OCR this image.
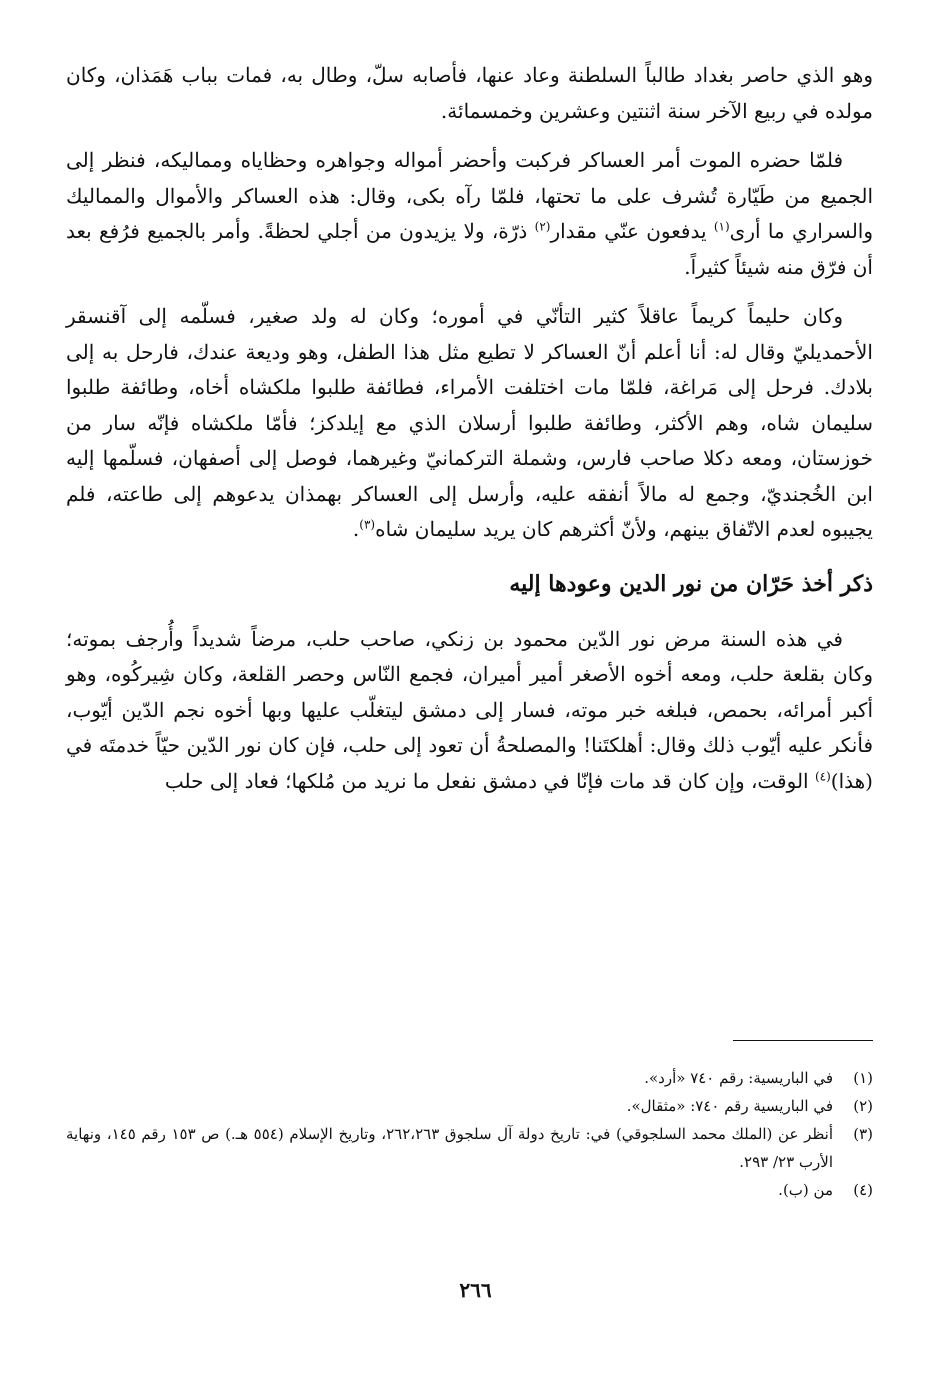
وهو الذي حاصر بغداد طالباً السلطنة وعاد عنها، فأصابه سلّ، وطال به، فمات بباب هَمَذان، وكان مولده في ربيع الآخر سنة اثنتين وعشرين وخمسمائة.

فلمّا حضره الموت أمر العساكر فركبت وأحضر أمواله وجواهره وحظاياه ومماليكه، فنظر إلى الجميع من طَيّارة تُشرف على ما تحتها، فلمّا رآه بكى، وقال: هذه العساكر والأموال والمماليك والسراري ما أرى$^{(١)}$ يدفعون عنّي مقدار$^{(٢)}$ ذرّة، ولا يزيدون من أجلي لحظةً. وأمر بالجميع فرُفع بعد أن فرّق منه شيئاً كثيراً.

وكان حليماً كريماً عاقلاً كثير التأنّي في أموره؛ وكان له ولد صغير، فسلّمه إلى آقنسقر الأحمديليّ وقال له: أنا أعلم أنّ العساكر لا تطيع مثل هذا الطفل، وهو وديعة عندك، فارحل به إلى بلادك. فرحل إلى مَراغة، فلمّا مات اختلفت الأمراء، فطائفة طلبوا ملكشاه أخاه، وطائفة طلبوا سليمان شاه، وهم الأكثر، وطائفة طلبوا أرسلان الذي مع إيلدكز؛ فأمّا ملكشاه فإنّه سار من خوزستان، ومعه دكلا صاحب فارس، وشملة التركمانيّ وغيرهما، فوصل إلى أصفهان، فسلّمها إليه ابن الخُجنديّ، وجمع له مالاً أنفقه عليه، وأرسل إلى العساكر بهمذان يدعوهم إلى طاعته، فلم يجيبوه لعدم الاتّفاق بينهم، ولأنّ أكثرهم كان يريد سليمان شاه$^{(٣)}$.

ذكر أخذ حَرّان من نور الدين وعودها إليه

في هذه السنة مرض نور الدّين محمود بن زنكي، صاحب حلب، مرضاً شديداً وأُرجف بموته؛ وكان بقلعة حلب، ومعه أخوه الأصغر أمير أميران، فجمع النّاس وحصر القلعة، وكان شِيركُوه، وهو أكبر أمرائه، بحمص، فبلغه خبر موته، فسار إلى دمشق ليتغلّب عليها وبها أخوه نجم الدّين أيّوب، فأنكر عليه أيّوب ذلك وقال: أهلكتَنا! والمصلحةُ أن تعود إلى حلب، فإن كان نور الدّين حيّاً خدمتَه في (هذا)$^{(٤)}$ الوقت، وإن كان قد مات فإنّا في دمشق نفعل ما نريد من مُلكها؛ فعاد إلى حلب

(١)
في الباريسية: رقم ٧٤٠ «أرد».
(٢)
في الباريسية رقم ٧٤٠: «مثقال».
(٣)
أنظر عن (الملك محمد السلجوقي) في: تاريخ دولة آل سلجوق ٢٦٢،٢٦٣، وتاريخ الإسلام (٥٥٤ هـ.) ص ١٥٣ رقم ١٤٥، ونهاية الأرب ٢٣/ ٢٩٣.
(٤)
من (ب).
٢٦٦
